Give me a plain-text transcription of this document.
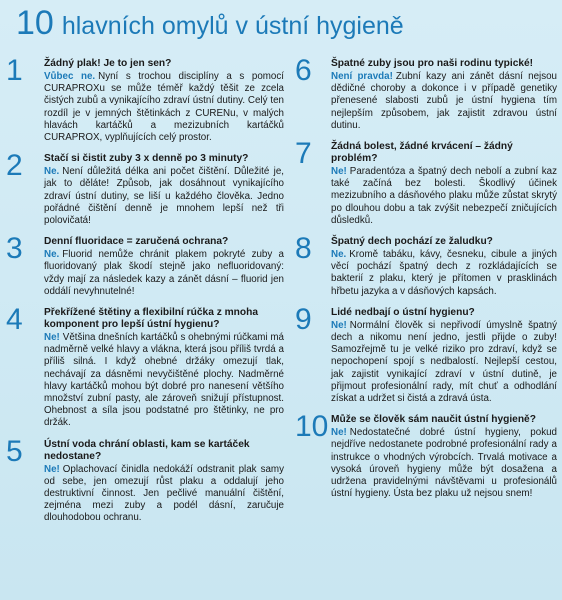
10 hlavních omylů v ústní hygieně
1 Žádný plak! Je to jen sen?
Vůbec ne. Nyní s trochou disciplíny a s pomocí CURAPROXu se může téměř každý těšit ze zcela čistých zubů a vynikajícího zdraví ústní dutiny. Celý ten rozdíl je v jemných štětinkách z CURENu, v malých hlavách kartáčků a mezizubních kartáčků CURAPROX, vyplňujících celý prostor.
2 Stačí si čistit zuby 3 x denně po 3 minuty?
Ne. Není důležitá délka ani počet čištění. Důležité je, jak to děláte! Způsob, jak dosáhnout vynikajícího zdraví ústní dutiny, se liší u každého člověka. Jedno pořádné čištění denně je mnohem lepší než tři polovičatá!
3 Denní fluoridace = zaručená ochrana?
Ne. Fluorid nemůže chránit plakem pokryté zuby a fluoridovaný plak škodí stejně jako nefluoridovaný: vždy mají za následek kazy a zánět dásní – fluorid jen oddálí nevyhnutelné!
4 Překřížené štětiny a flexibilní rúčka z mnoha komponent pro lepší ústní hygienu?
Ne! Většina dnešních kartáčků s ohebnými rúčkami má nadměrně velké hlavy a vlákna, která jsou příliš tvrdá a příliš silná. I když ohebné držáky omezují tlak, nechávají za dásněmi nevyčištěné plochy. Nadměrné hlavy kartáčků mohou být dobré pro nanesení většího množství zubní pasty, ale zároveň snižují přístupnost. Ohebnost a síla jsou podstatné pro štětinky, ne pro držák.
5 Ústní voda chrání oblasti, kam se kartáček nedostane?
Ne! Oplachovací činidla nedokáží odstranit plak samy od sebe, jen omezují růst plaku a oddalují jeho destruktivní činnost. Jen pečlivé manuální čištění, zejména mezi zuby a podél dásní, zaručuje dlouhodobou ochranu.
6 Špatné zuby jsou pro naši rodinu typické!
Není pravda! Zubní kazy ani zánět dásní nejsou dědičné choroby a dokonce i v případě genetiky přenesené slabosti zubů je ústní hygiena tím nejlepším způsobem, jak zajistit zdravou ústní dutinu.
7 Žádná bolest, žádné krvácení – žádný problém?
Ne! Paradentóza a špatný dech nebolí a zubní kaz také začíná bez bolesti. Škodlivý účinek mezizubního a dásňového plaku může zůstat skrytý po dlouhou dobu a tak zvýšit nebezpečí zničujících důsledků.
8 Špatný dech pochází ze žaludku?
Ne. Kromě tabáku, kávy, česneku, cibule a jiných věcí pochází špatný dech z rozkládajících se bakterií z plaku, který je přítomen v prasklinách hřbetu jazyka a v dásňových kapsách.
9 Lidé nedbají o ústní hygienu?
Ne! Normální člověk si nepřivodí úmyslně špatný dech a nikomu není jedno, jestli přijde o zuby! Samozřejmě tu je velké riziko pro zdraví, když se nepochopení spojí s nedbalostí. Nejlepší cestou, jak zajistit vynikající zdraví v ústní dutině, je přijmout profesionální rady, mít chuť a odhodlání získat a udržet si čistá a zdravá ústa.
10 Může se člověk sám naučit ústní hygieně?
Ne! Nedostatečné dobré ústní hygieny, pokud nejdříve nedostanete podrobné profesionální rady a instrukce o vhodných výrobcích. Trvalá motivace a vysoká úroveň hygieny může být dosažena a udržena pravidelnými návštěvami u profesionálů ústní hygieny. Ústa bez plaku už nejsou snem!
